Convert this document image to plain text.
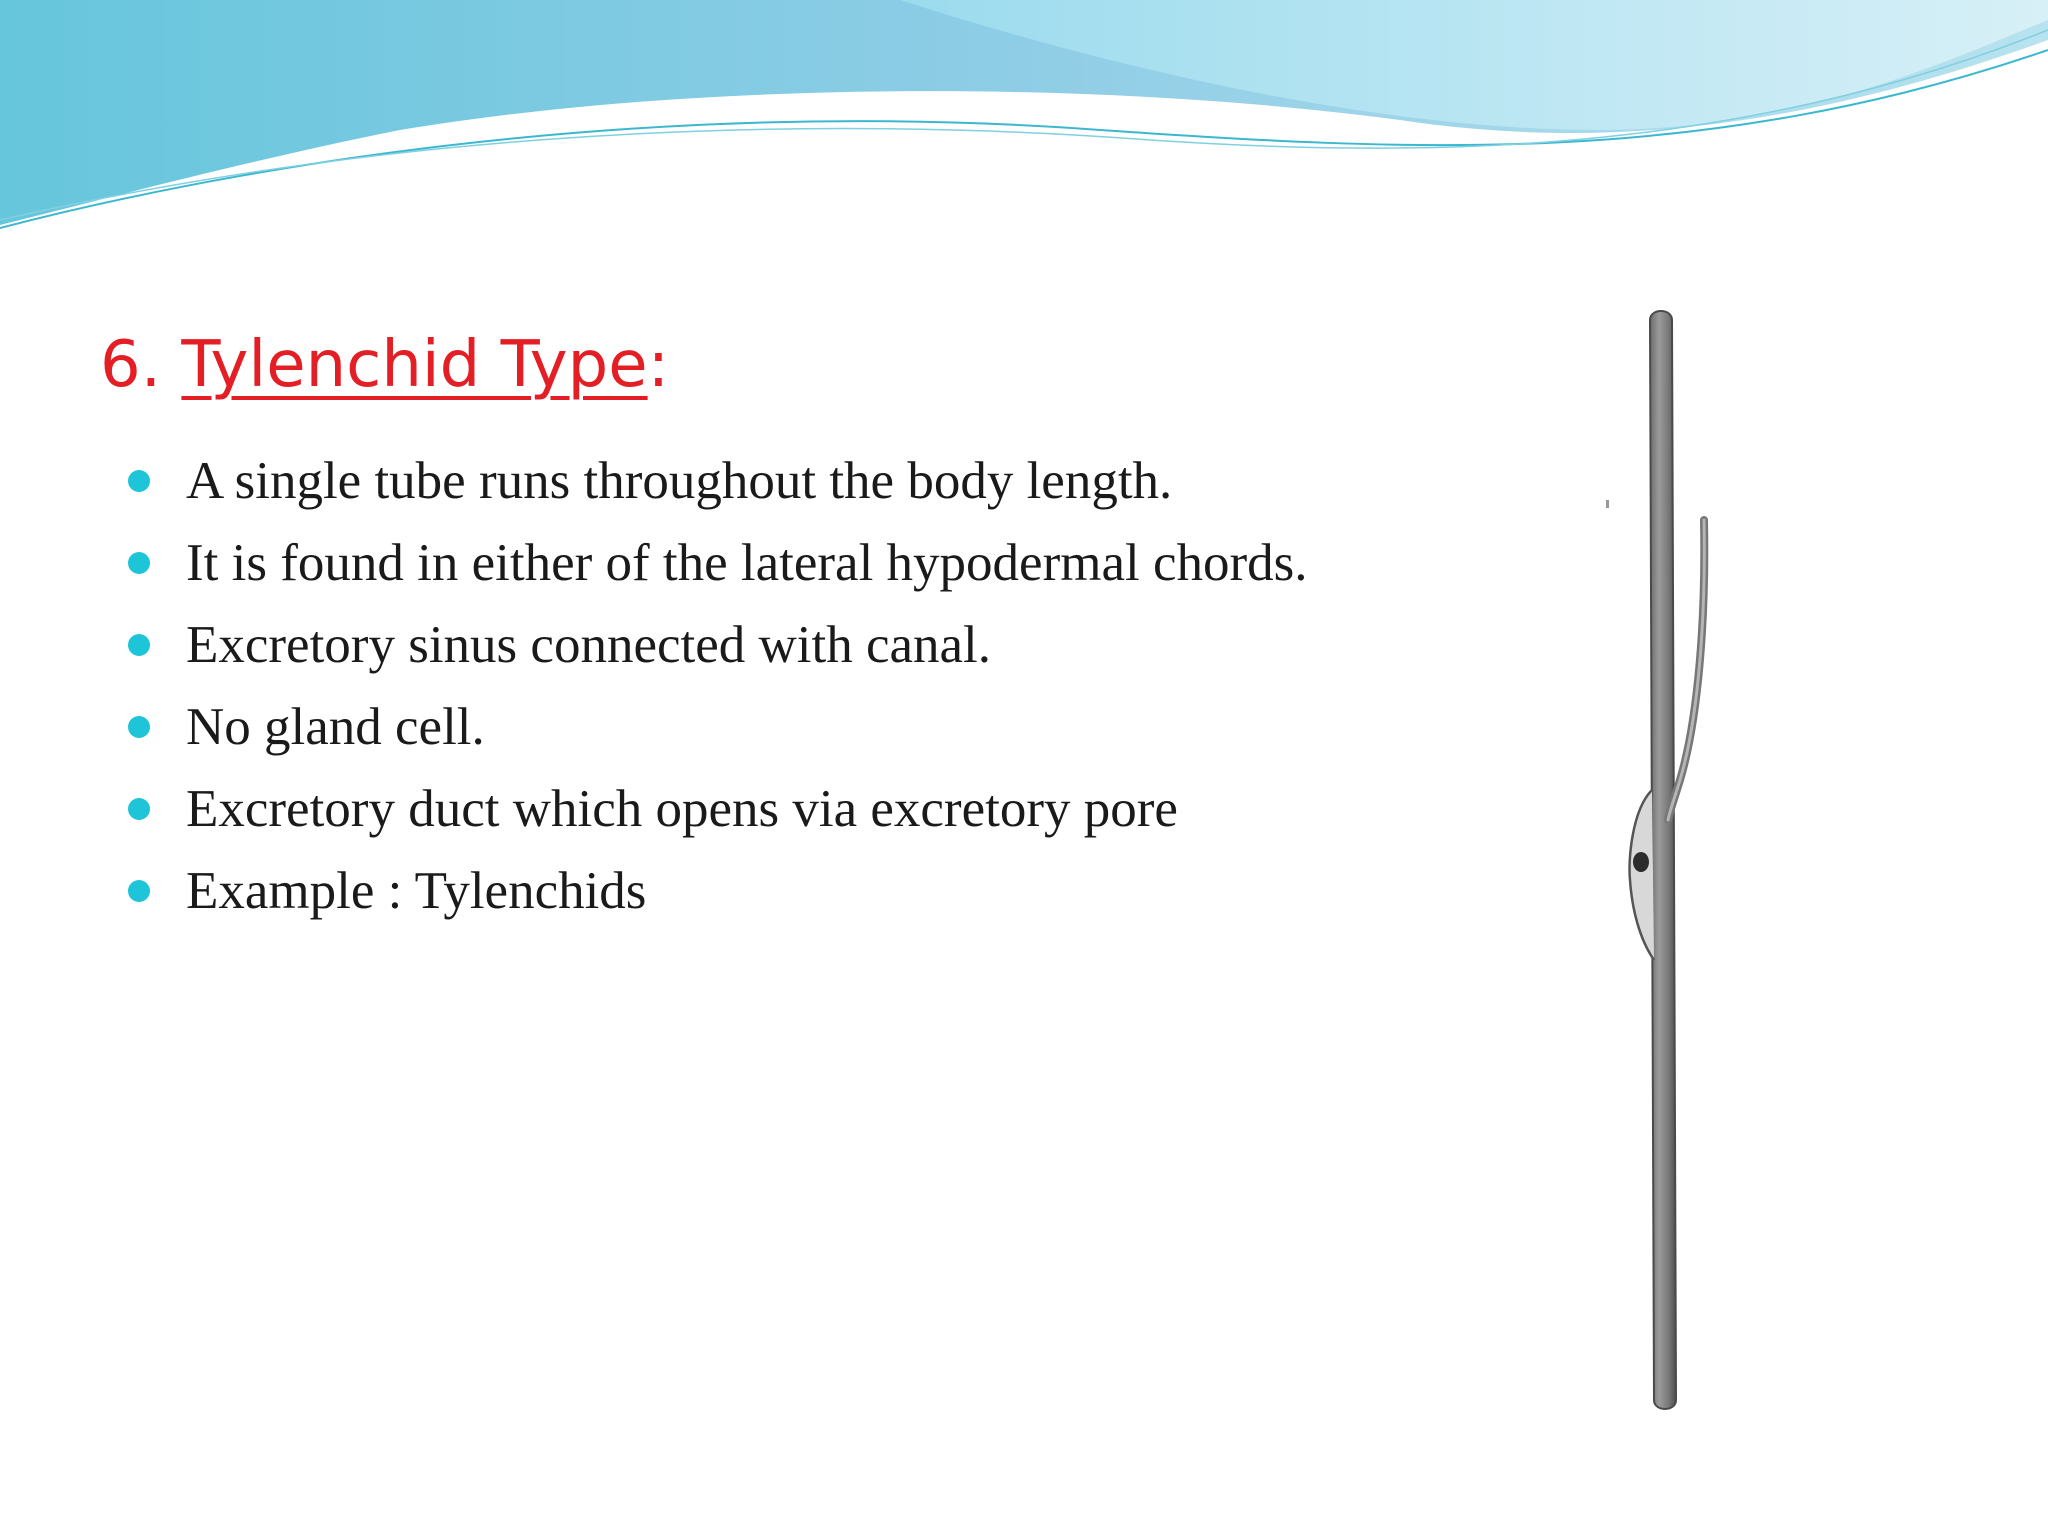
6. Tylenchid Type:
A single tube runs throughout the body length.
It is found in either of the lateral hypodermal chords.
Excretory sinus connected with canal.
No gland cell.
Excretory duct which opens via excretory pore
Example : Tylenchids
